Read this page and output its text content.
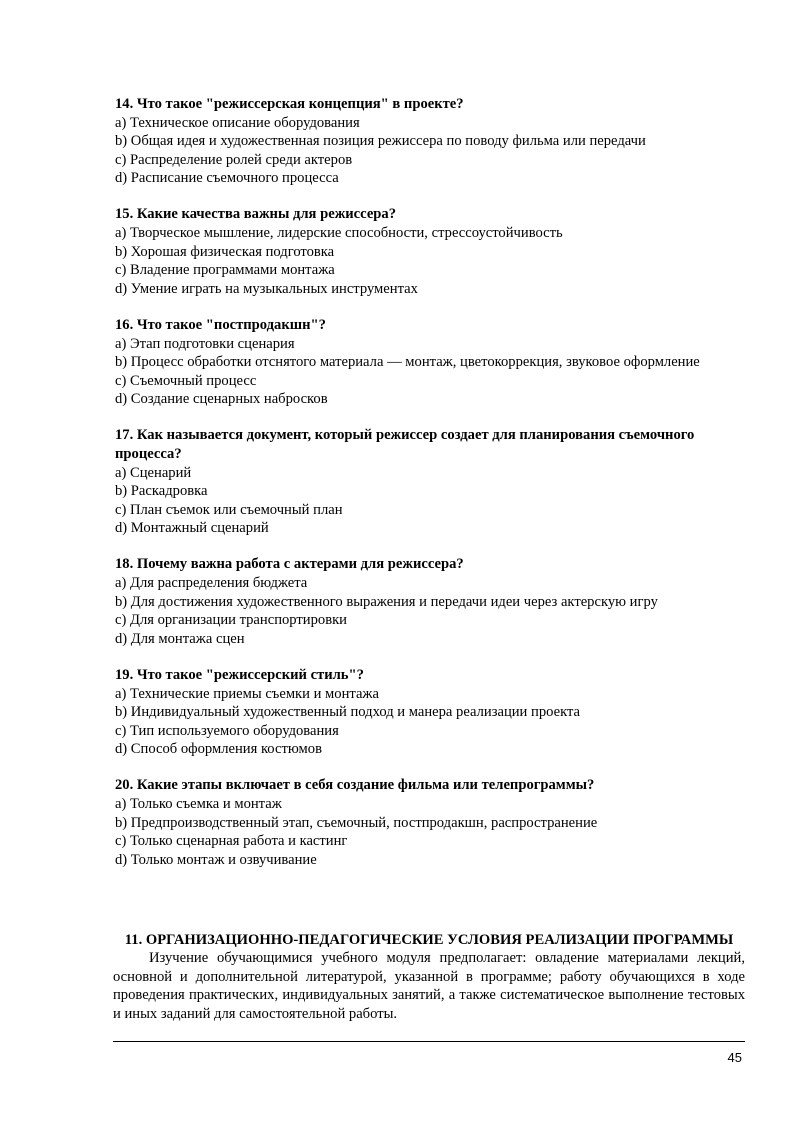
14. Что такое "режиссерская концепция" в проекте?

a) Техническое описание оборудования

b) Общая идея и художественная позиция режиссера по поводу фильма или передачи

c) Распределение ролей среди актеров

d) Расписание съемочного процесса

15. Какие качества важны для режиссера?

a) Творческое мышление, лидерские способности, стрессоустойчивость

b) Хорошая физическая подготовка

c) Владение программами монтажа

d) Умение играть на музыкальных инструментах

16. Что такое "постпродакшн"?

a) Этап подготовки сценария

b) Процесс обработки отснятого материала — монтаж, цветокоррекция, звуковое оформление

c) Съемочный процесс

d) Создание сценарных набросков

17. Как называется документ, который режиссер создает для планирования съемочного процесса?

a) Сценарий

b) Раскадровка

c) План съемок или съемочный план

d) Монтажный сценарий

18. Почему важна работа с актерами для режиссера?

a) Для распределения бюджета

b) Для достижения художественного выражения и передачи идеи через актерскую игру

c) Для организации транспортировки

d) Для монтажа сцен

19. Что такое "режиссерский стиль"?

a) Технические приемы съемки и монтажа

b) Индивидуальный художественный подход и манера реализации проекта

c) Тип используемого оборудования

d) Способ оформления костюмов

20. Какие этапы включает в себя создание фильма или телепрограммы?

a) Только съемка и монтаж

b) Предпроизводственный этап, съемочный, постпродакшн, распространение

c) Только сценарная работа и кастинг

d) Только монтаж и озвучивание

11. ОРГАНИЗАЦИОННО-ПЕДАГОГИЧЕСКИЕ УСЛОВИЯ РЕАЛИЗАЦИИ ПРОГРАММЫ

Изучение обучающимися учебного модуля предполагает: овладение материалами лекций, основной и дополнительной литературой, указанной в программе; работу обучающихся в ходе проведения практических, индивидуальных занятий, а также систематическое выполнение тестовых и иных заданий для самостоятельной работы.

45
